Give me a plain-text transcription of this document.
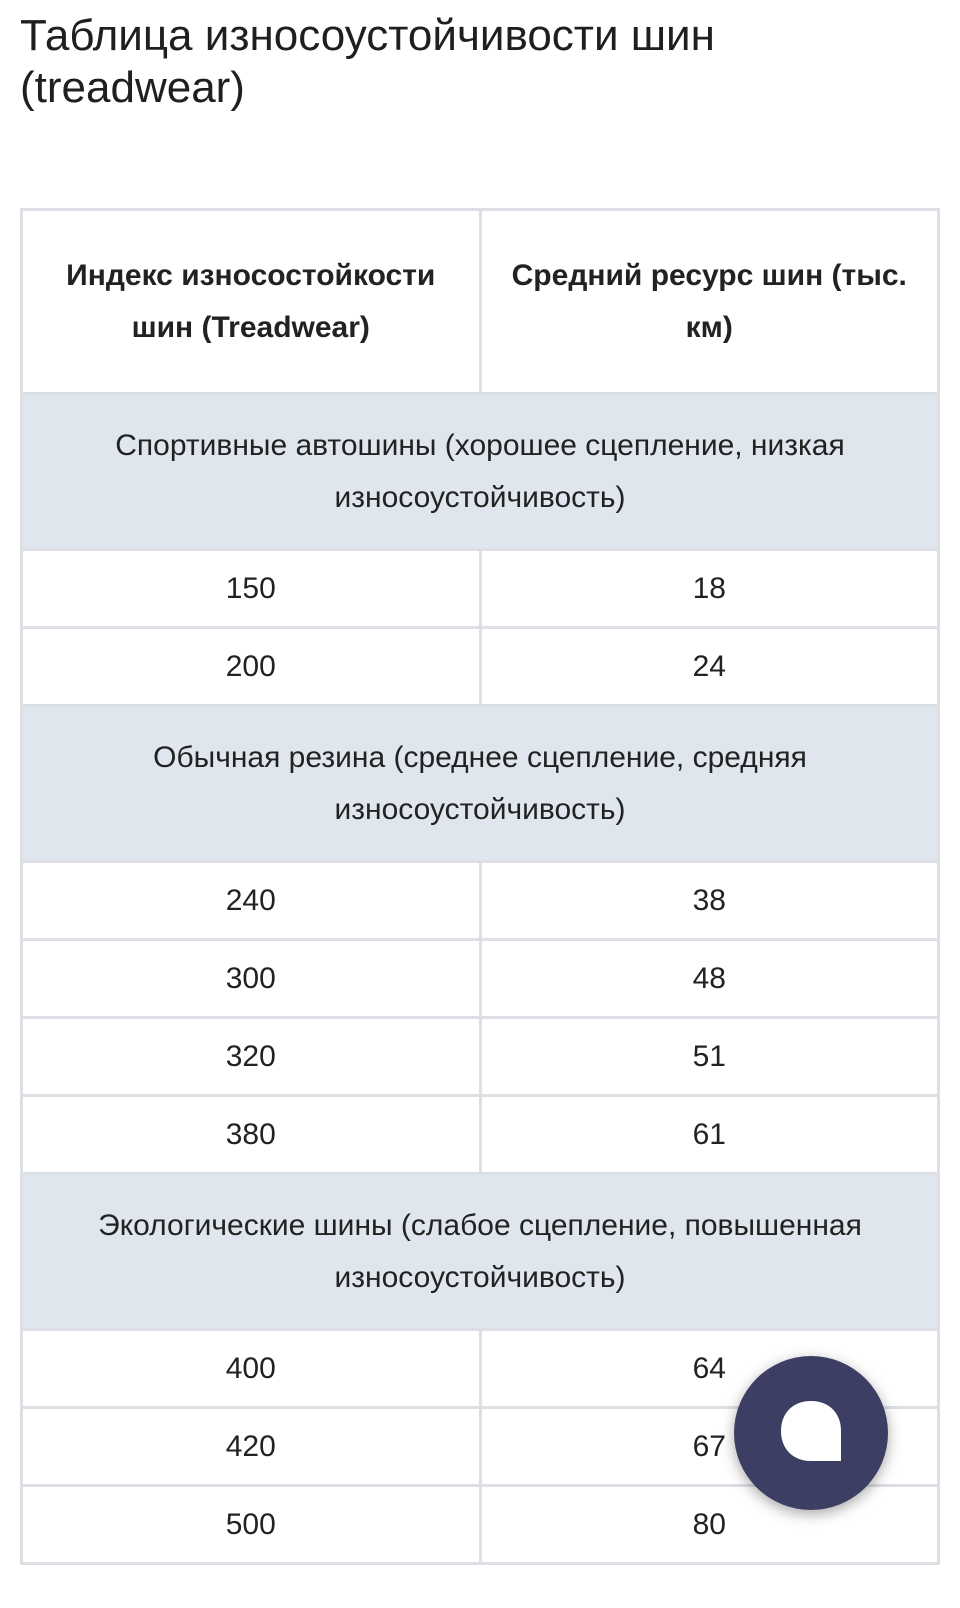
Таблица износоустойчивости шин (treadwear)
Индекс износостойкости шин (Treadwear)	Средний ресурс шин (тыс. км)
Спортивные автошины (хорошее сцепление, низкая износоустойчивость)	
150	18
200	24
Обычная резина (среднее сцепление, средняя износоустойчивость)	
240	38
300	48
320	51
380	61
Экологические шины (слабое сцепление, повышенная износоустойчивость)	
400	64
420	67
500	80
